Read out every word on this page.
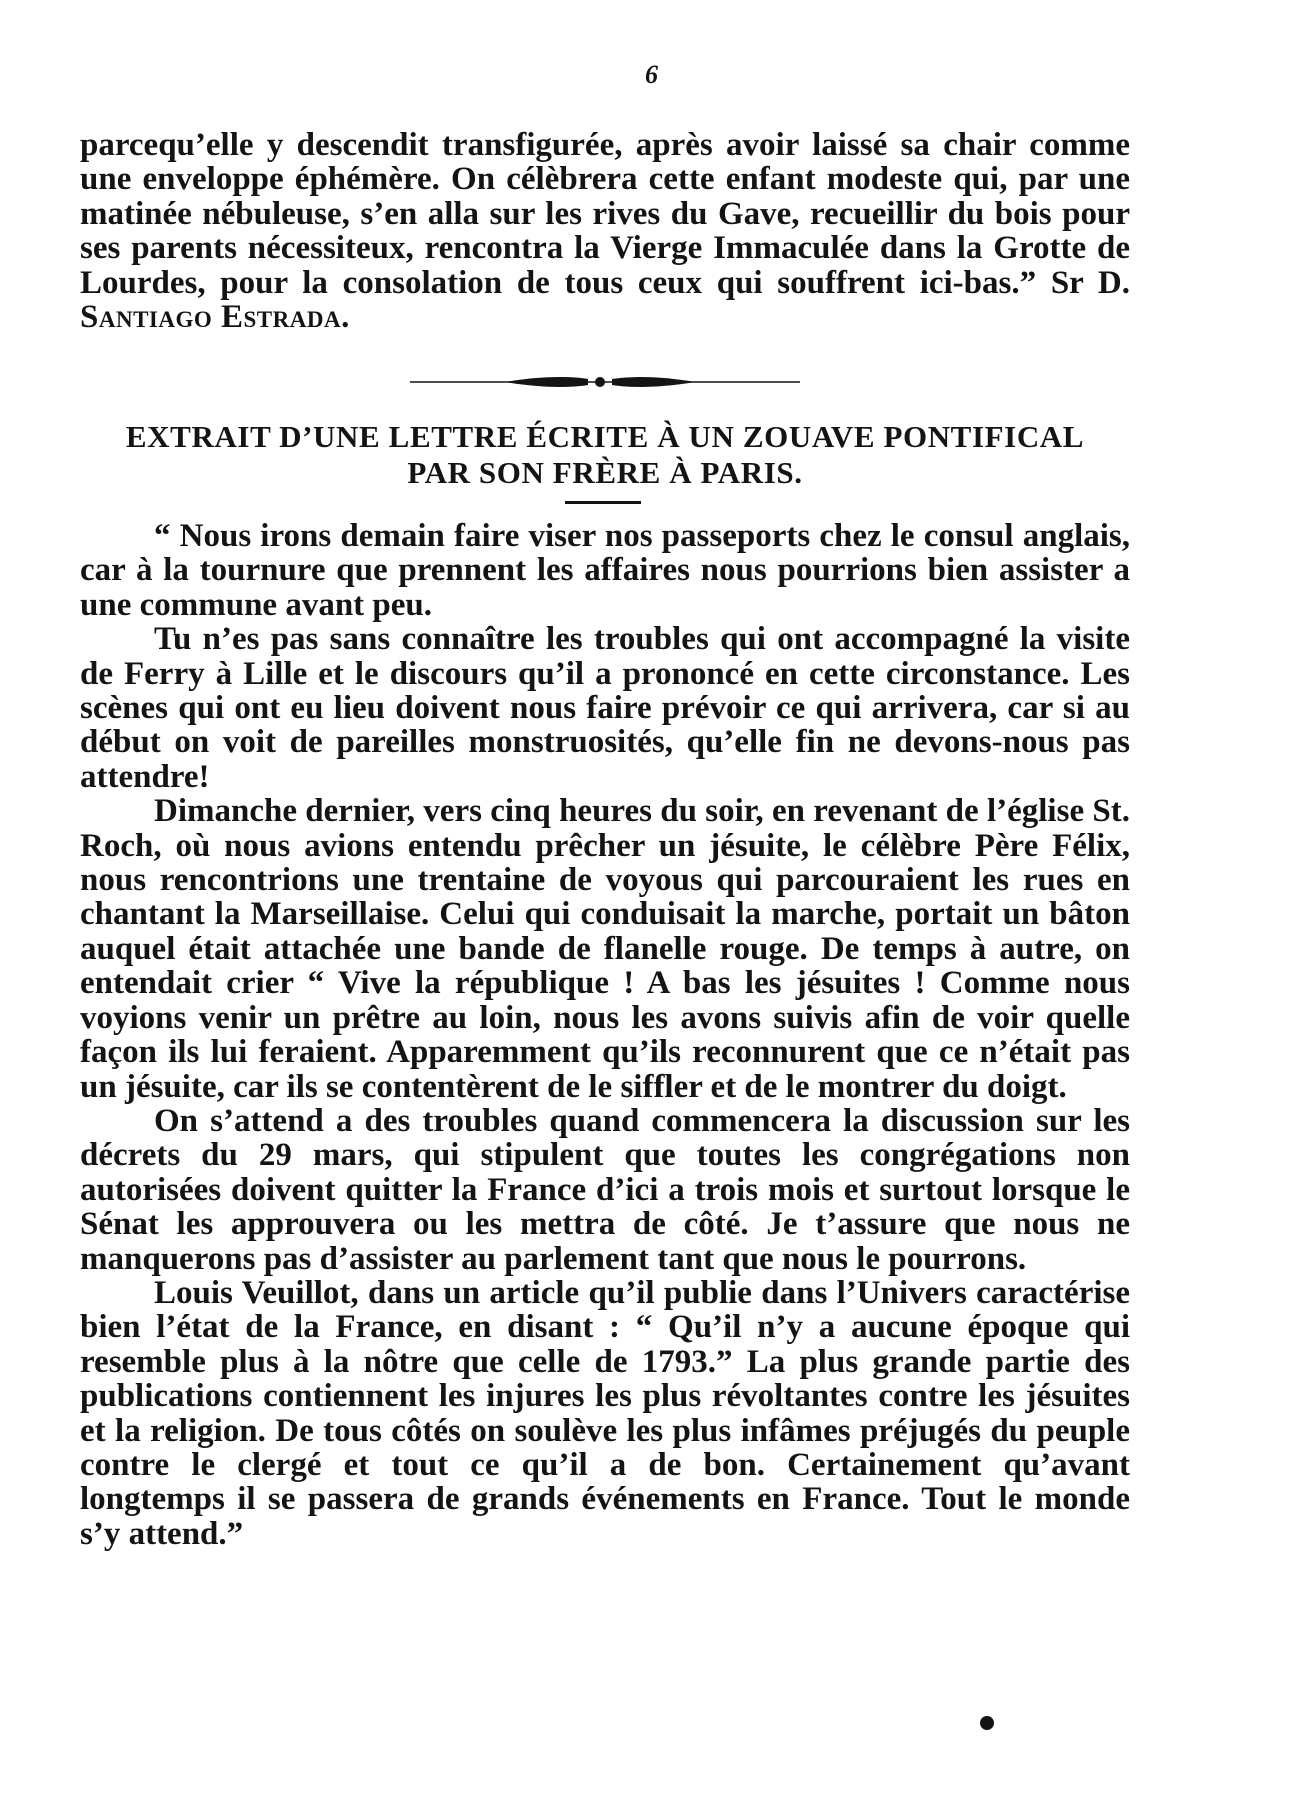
6
parcequ’elle y descendit transfigurée, après avoir laissé sa chair comme une enveloppe éphémère. On célèbrera cette enfant modeste qui, par une matinée nébuleuse, s’en alla sur les rives du Gave, recueillir du bois pour ses parents nécessiteux, rencontra la Vierge Immaculée dans la Grotte de Lourdes, pour la consolation de tous ceux qui souffrent ici-bas.” Sr D. Santiago Estrada.
EXTRAIT D’UNE LETTRE ÉCRITE À UN ZOUAVE PONTIFICAL
PAR SON FRÈRE À PARIS.

“ Nous irons demain faire viser nos passeports chez le consul anglais, car à la tournure que prennent les affaires nous pourrions bien assister a une commune avant peu.

Tu n’es pas sans connaître les troubles qui ont accompagné la visite de Ferry à Lille et le discours qu’il a prononcé en cette circonstance. Les scènes qui ont eu lieu doivent nous faire prévoir ce qui arrivera, car si au début on voit de pareilles monstruosités, qu’elle fin ne devons-nous pas attendre!

Dimanche dernier, vers cinq heures du soir, en revenant de l’église St. Roch, où nous avions entendu prêcher un jésuite, le célèbre Père Félix, nous rencontrions une trentaine de voyous qui parcouraient les rues en chantant la Marseillaise. Celui qui conduisait la marche, portait un bâton auquel était attachée une bande de flanelle rouge. De temps à autre, on entendait crier “ Vive la république ! A bas les jésuites ! Comme nous voyions venir un prêtre au loin, nous les avons suivis afin de voir quelle façon ils lui feraient. Apparemment qu’ils reconnurent que ce n’était pas un jésuite, car ils se contentèrent de le siffler et de le montrer du doigt.

On s’attend a des troubles quand commencera la discussion sur les décrets du 29 mars, qui stipulent que toutes les congrégations non autorisées doivent quitter la France d’ici a trois mois et surtout lorsque le Sénat les approuvera ou les mettra de côté. Je t’assure que nous ne manquerons pas d’assister au parlement tant que nous le pourrons.

Louis Veuillot, dans un article qu’il publie dans l’Univers caractérise bien l’état de la France, en disant : “ Qu’il n’y a aucune époque qui resemble plus à la nôtre que celle de 1793.” La plus grande partie des publications contiennent les injures les plus révoltantes contre les jésuites et la religion. De tous côtés on soulève les plus infâmes préjugés du peuple contre le clergé et tout ce qu’il a de bon. Certainement qu’avant longtemps il se passera de grands événements en France. Tout le monde s’y attend.”
